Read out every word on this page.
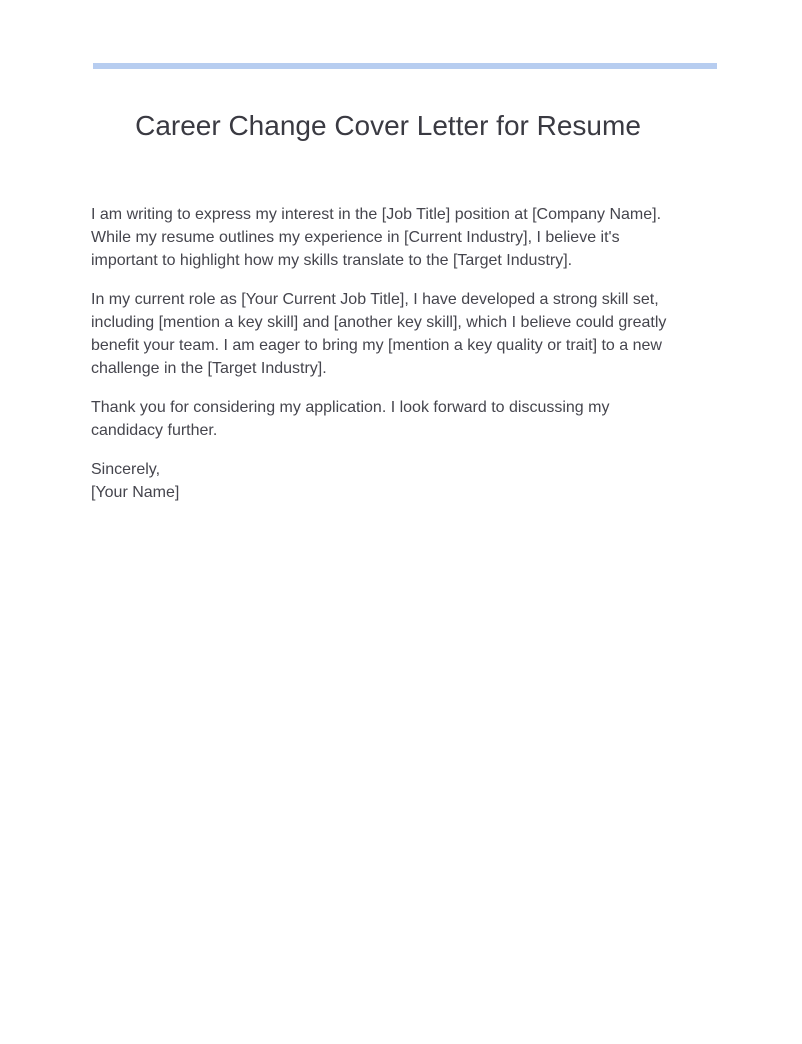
Career Change Cover Letter for Resume

I am writing to express my interest in the [Job Title] position at [Company Name].
While my resume outlines my experience in [Current Industry], I believe it's
important to highlight how my skills translate to the [Target Industry].

In my current role as [Your Current Job Title], I have developed a strong skill set,
including [mention a key skill] and [another key skill], which I believe could greatly
benefit your team. I am eager to bring my [mention a key quality or trait] to a new
challenge in the [Target Industry].

Thank you for considering my application. I look forward to discussing my
candidacy further.

Sincerely,
[Your Name]
